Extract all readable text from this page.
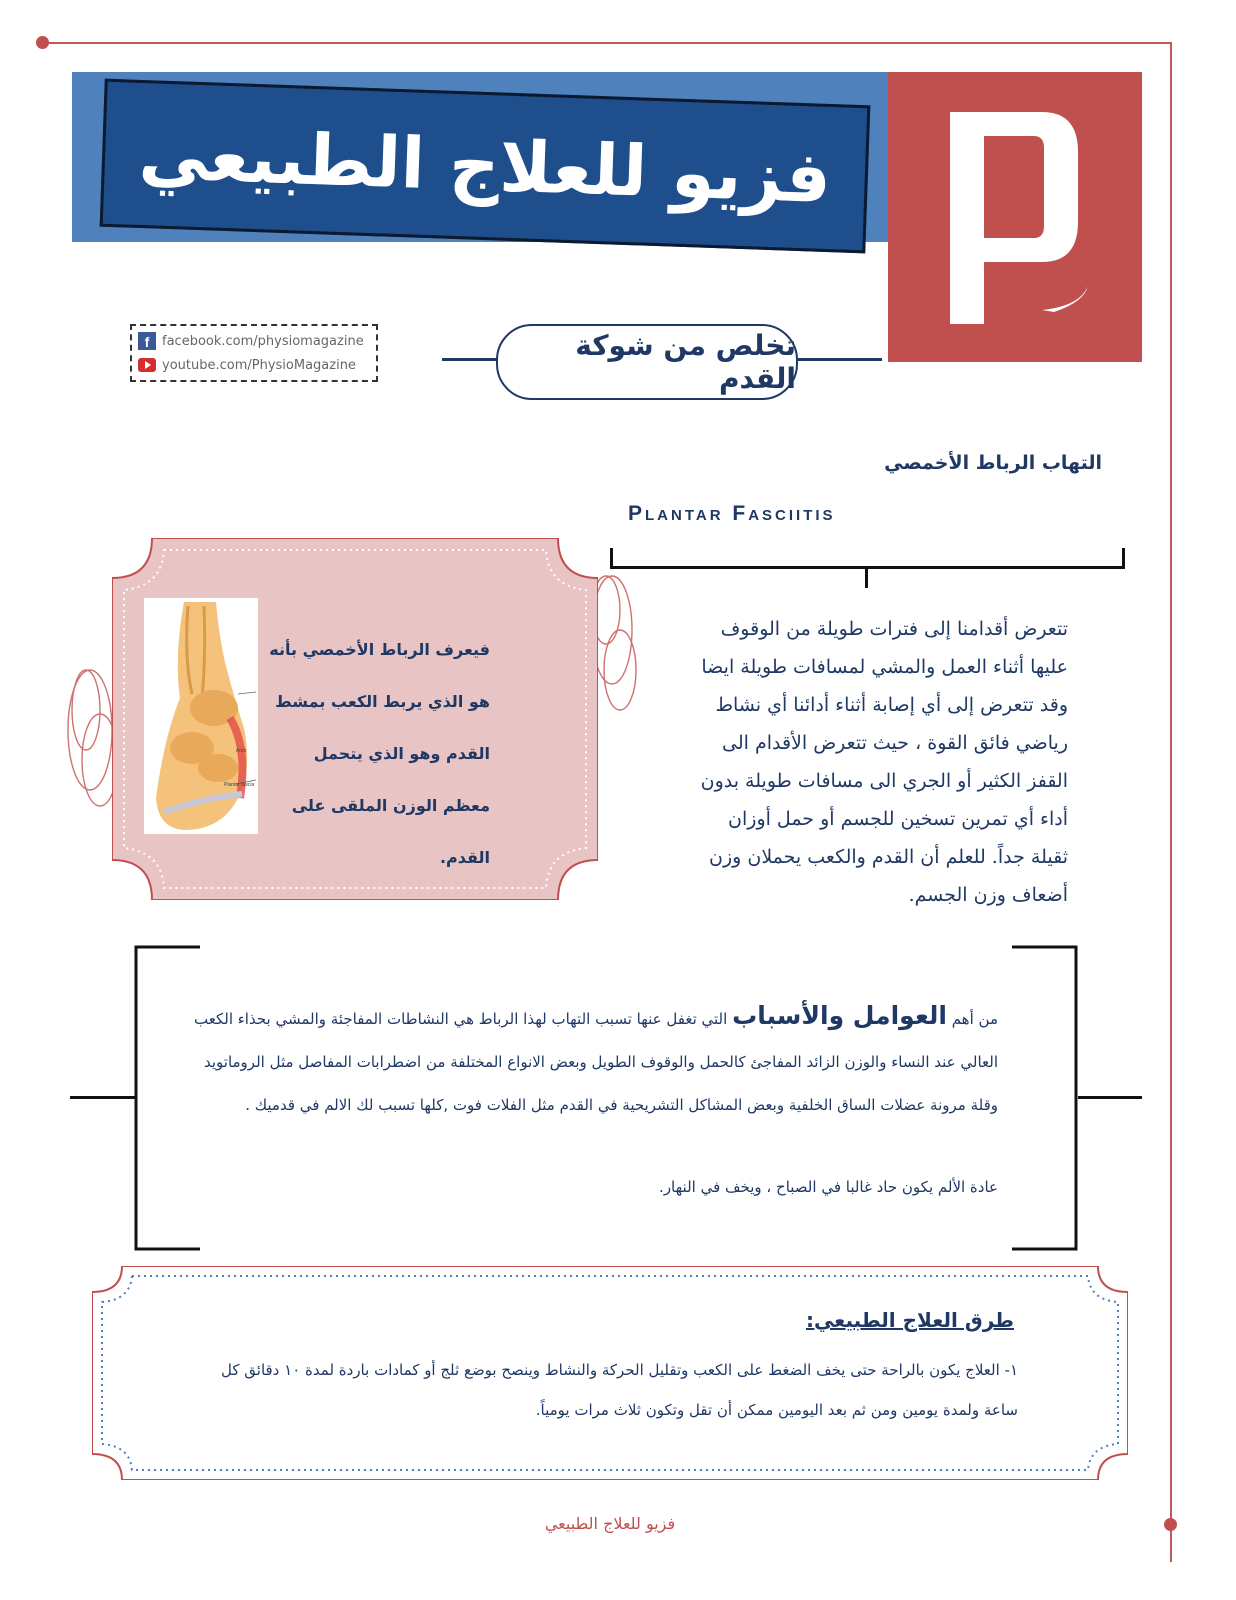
فزيو للعلاج الطبيعي
HYSIO
MAGAZINE
f facebook.com/physiomagazine
youtube.com/PhysioMagazine
تخلص من شوكة القدم
التهاب الرباط الأخمصي
Plantar Fasciitis
تتعرض أقدامنا إلى فترات طويلة من الوقوف عليها أثناء العمل والمشي لمسافات طويلة ايضا وقد تتعرض إلى أي إصابة أثناء أدائنا أي نشاط رياضي فائق القوة ، حيث تتعرض الأقدام الى القفز الكثير أو الجري الى مسافات طويلة بدون أداء أي تمرين تسخين للجسم أو حمل أوزان ثقيلة جداً. للعلم أن القدم والكعب يحملان وزن أضعاف وزن الجسم.
Arch
Plantar fascia
فيعرف الرباط الأخمصي بأنه هو الذي يربط الكعب بمشط القدم وهو الذي يتحمل معظم الوزن الملقى على القدم.
من أهم العوامل والأسباب التي تغفل عنها تسبب التهاب لهذا الرباط هي النشاطات المفاجئة والمشي بحذاء الكعب العالي عند النساء والوزن الزائد المفاجئ كالحمل والوقوف الطويل وبعض الانواع المختلفة من اضطرابات المفاصل مثل الروماتويد وقلة مرونة عضلات الساق الخلفية وبعض المشاكل التشريحية في القدم مثل الفلات فوت ,كلها تسبب لك الالم في قدميك .
عادة الألم يكون حاد غالبا في الصباح ، ويخف في النهار.
طرق العلاج الطبيعي:
١- العلاج يكون بالراحة حتى يخف الضغط على الكعب وتقليل الحركة والنشاط وينصح بوضع ثلج أو كمادات باردة لمدة ١٠ دقائق كل ساعة ولمدة يومين ومن ثم بعد اليومين ممكن أن تقل وتكون ثلاث مرات يومياً.
فزيو للعلاج الطبيعي
